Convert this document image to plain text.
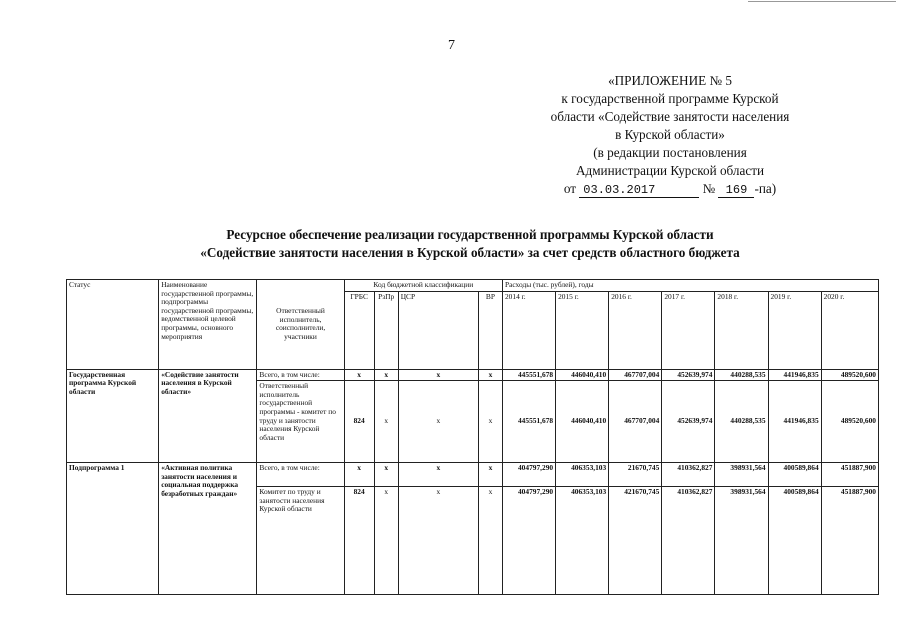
7
«ПРИЛОЖЕНИЕ № 5
к государственной программе Курской
области «Содействие занятости населения
в Курской области»
(в редакции постановления
Администрации Курской области
от 03.03.2017	№ 169 -па)
Ресурсное обеспечение реализации государственной программы Курской области
«Содействие занятости населения в Курской области» за счет средств областного бюджета
Статус	Наименование государственной программы, подпрограммы государственной программы, ведомственной целевой программы, основного мероприятия	Ответственный исполнитель, соисполнители, участники	Код бюджетной классификации				Расходы (тыс. рублей), годы						
			ГРБС	РзПр	ЦСР	ВР	2014 г.	2015 г.	2016 г.	2017 г.	2018 г.	2019 г.	2020 г.
Государственная программа Курской области	«Содействие занятости населения в Курской области»	Всего, в том числе:	x	x	x	x	445551,678	446040,410	467707,004	452639,974	440288,535	441946,835	489520,600
		Ответственный исполнитель государственной программы - комитет по труду и занятости населения Курской области	824	x	x	x	445551,678	446040,410	467707,004	452639,974	440288,535	441946,835	489520,600
Подпрограмма 1	«Активная политика занятости населения и социальная поддержка безработных граждан»	Всего, в том числе:	x	x	x	x	404797,290	406353,103	21670,745	410362,827	398931,564	400589,864	451887,900
		Комитет по труду и занятости населения Курской области	824	x	x	x	404797,290	406353,103	421670,745	410362,827	398931,564	400589,864	451887,900
